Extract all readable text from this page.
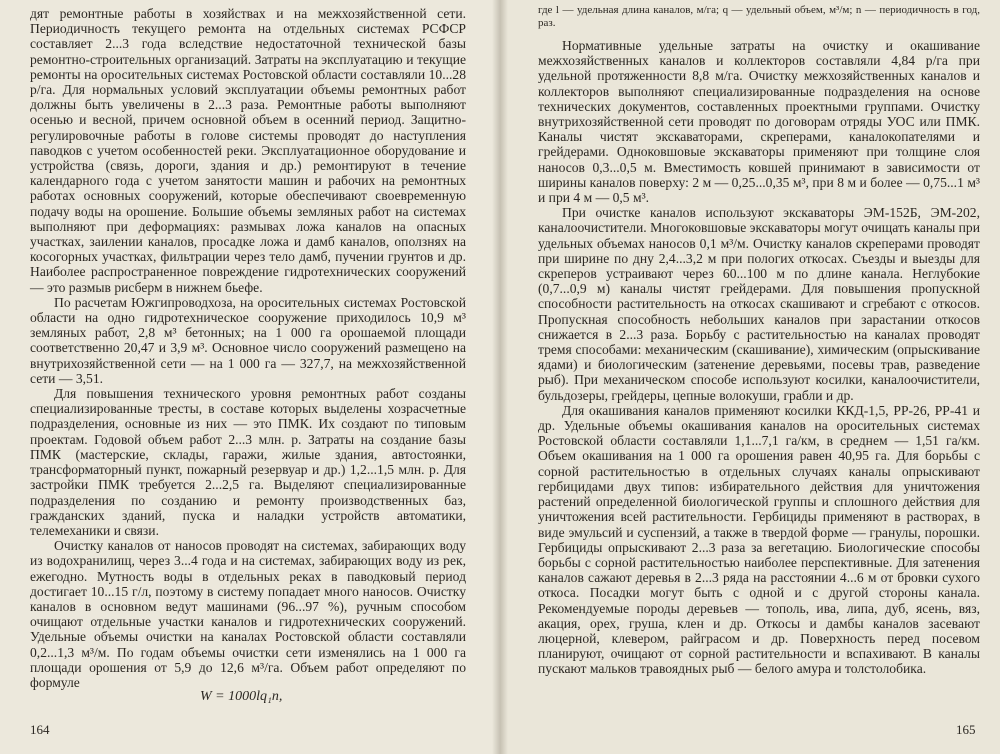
дят ремонтные работы в хозяйствах и на межхозяйственной сети. Периодичность текущего ремонта на отдельных системах РСФСР составляет 2...3 года вследствие недостаточной технической базы ремонтно-строительных организаций. Затраты на эксплуатацию и текущие ремонты на оросительных системах Ростовской области составляли 10...28 р/га. Для нормальных условий эксплуатации объемы ремонтных работ должны быть увеличены в 2...3 раза. Ремонтные работы выполняют осенью и весной, причем основной объем в осенний период. Защитно-регулировочные работы в голове системы проводят до наступления паводков с учетом особенностей реки. Эксплуатационное оборудование и устройства (связь, дороги, здания и др.) ремонтируют в течение календарного года с учетом занятости машин и рабочих на ремонтных работах основных сооружений, которые обеспечивают своевременную подачу воды на орошение. Большие объемы земляных работ на системах выполняют при деформациях: размывах ложа каналов на опасных участках, заилении каналов, просадке ложа и дамб каналов, оползнях на косогорных участках, фильтрации через тело дамб, пучении грунтов и др. Наиболее распространенное повреждение гидротехнических сооружений — это размыв рисберм в нижнем бьефе.

По расчетам Южгипроводхоза, на оросительных системах Ростовской области на одно гидротехническое сооружение приходилось 10,9 м³ земляных работ, 2,8 м³ бетонных; на 1 000 га орошаемой площади соответственно 20,47 и 3,9 м³. Основное число сооружений размещено на внутрихозяйственной сети — на 1 000 га — 327,7, на межхозяйственной сети — 3,51.

Для повышения технического уровня ремонтных работ созданы специализированные тресты, в составе которых выделены хозрасчетные подразделения, основные из них — это ПМК. Их создают по типовым проектам. Годовой объем работ 2...3 млн. р. Затраты на создание базы ПМК (мастерские, склады, гаражи, жилые здания, автостоянки, трансформаторный пункт, пожарный резервуар и др.) 1,2...1,5 млн. р. Для застройки ПМК требуется 2...2,5 га. Выделяют специализированные подразделения по созданию и ремонту производственных баз, гражданских зданий, пуска и наладки устройств автоматики, телемеханики и связи.

Очистку каналов от наносов проводят на системах, забирающих воду из водохранилищ, через 3...4 года и на системах, забирающих воду из рек, ежегодно. Мутность воды в отдельных реках в паводковый период достигает 10...15 г/л, поэтому в систему попадает много наносов. Очистку каналов в основном ведут машинами (96...97 %), ручным способом очищают отдельные участки каналов и гидротехнических сооружений. Удельные объемы очистки на каналах Ростовской области составляли 0,2...1,3 м³/м. По годам объемы очистки сети изменялись на 1 000 га площади орошения от 5,9 до 12,6 м³/га. Объем работ определяют по формуле

W = 1000lq₁n,
164
где l — удельная длина каналов, м/га; q — удельный объем, м³/м; n — периодичность в год, раз.

Нормативные удельные затраты на очистку и окашивание межхозяйственных каналов и коллекторов составляли 4,84 р/га при удельной протяженности 8,8 м/га. Очистку межхозяйственных каналов и коллекторов выполняют специализированные подразделения на основе технических документов, составленных проектными группами. Очистку внутрихозяйственной сети проводят по договорам отряды УОС или ПМК. Каналы чистят экскаваторами, скреперами, каналокопателями и грейдерами. Одноковшовые экскаваторы применяют при толщине слоя наносов 0,3...0,5 м. Вместимость ковшей принимают в зависимости от ширины каналов поверху: 2 м — 0,25...0,35 м³, при 8 м и более — 0,75...1 м³ и при 4 м — 0,5 м³.

При очистке каналов используют экскаваторы ЭМ-152Б, ЭМ-202, каналоочистители. Многоковшовые экскаваторы могут очищать каналы при удельных объемах наносов 0,1 м³/м. Очистку каналов скреперами проводят при ширине по дну 2,4...3,2 м при пологих откосах. Съезды и выезды для скреперов устраивают через 60...100 м по длине канала. Неглубокие (0,7...0,9 м) каналы чистят грейдерами. Для повышения пропускной способности растительность на откосах скашивают и сгребают с откосов. Пропускная способность небольших каналов при зарастании откосов снижается в 2...3 раза. Борьбу с растительностью на каналах проводят тремя способами: механическим (скашивание), химическим (опрыскивание ядами) и биологическим (затенение деревьями, посевы трав, разведение рыб). При механическом способе используют косилки, каналоочистители, бульдозеры, грейдеры, цепные волокуши, грабли и др.

Для окашивания каналов применяют косилки ККД-1,5, РР-26, РР-41 и др. Удельные объемы окашивания каналов на оросительных системах Ростовской области составляли 1,1...7,1 га/км, в среднем — 1,51 га/км. Объем окашивания на 1 000 га орошения равен 40,95 га. Для борьбы с сорной растительностью в отдельных случаях каналы опрыскивают гербицидами двух типов: избирательного действия для уничтожения растений определенной биологической группы и сплошного действия для уничтожения всей растительности. Гербициды применяют в растворах, в виде эмульсий и суспензий, а также в твердой форме — гранулы, порошки. Гербициды опрыскивают 2...3 раза за вегетацию. Биологические способы борьбы с сорной растительностью наиболее перспективные. Для затенения каналов сажают деревья в 2...3 ряда на расстоянии 4...6 м от бровки сухого откоса. Посадки могут быть с одной и с другой стороны канала. Рекомендуемые породы деревьев — тополь, ива, липа, дуб, ясень, вяз, акация, орех, груша, клен и др. Откосы и дамбы каналов засевают люцерной, клевером, райграсом и др. Поверхность перед посевом планируют, очищают от сорной растительности и вспахивают. В каналы пускают мальков травоядных рыб — белого амура и толстолобика.

165
